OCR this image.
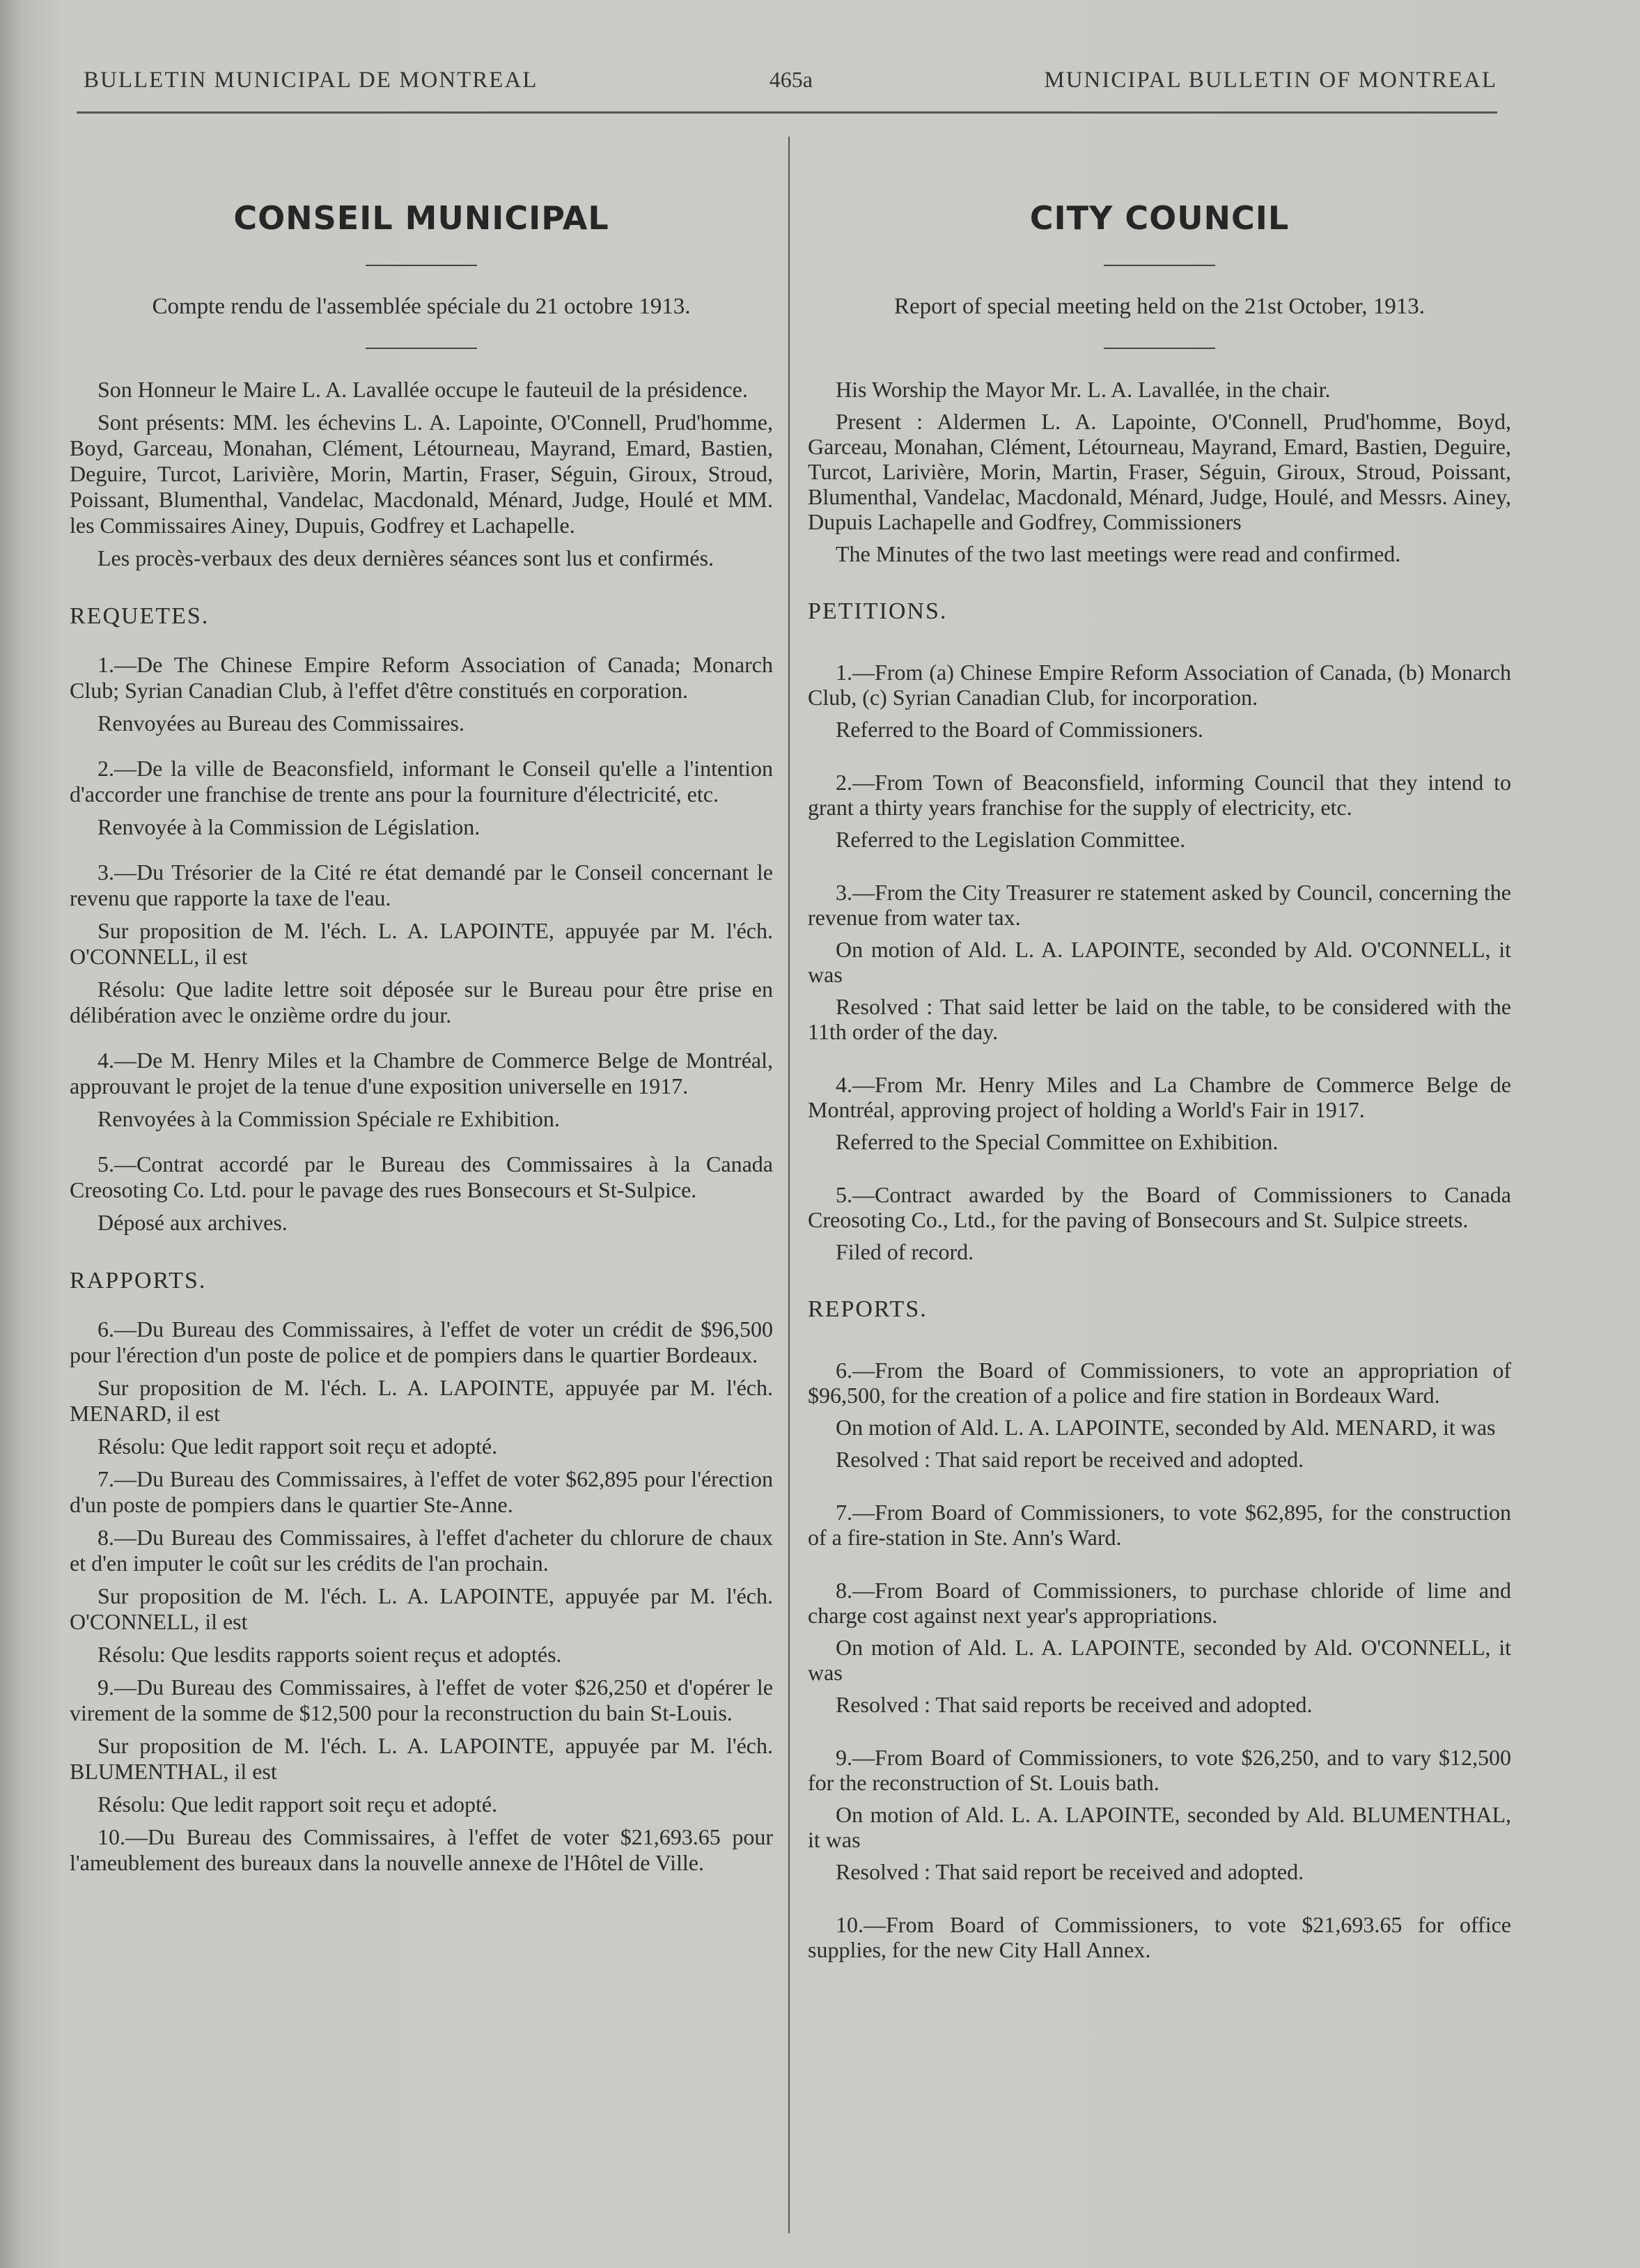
BULLETIN MUNICIPAL DE MONTREAL	465a	MUNICIPAL BULLETIN OF MONTREAL
CONSEIL MUNICIPAL
Compte rendu de l'assemblée spéciale du 21 octobre 1913.

Son Honneur le Maire L. A. Lavallée occupe le fauteuil de la présidence.

Sont présents: MM. les échevins L. A. Lapointe, O'Connell, Prud'homme, Boyd, Garceau, Monahan, Clément, Létourneau, Mayrand, Emard, Bastien, Deguire, Turcot, Larivière, Morin, Martin, Fraser, Séguin, Giroux, Stroud, Poissant, Blumenthal, Vandelac, Macdonald, Ménard, Judge, Houlé et MM. les Commissaires Ainey, Dupuis, Godfrey et Lachapelle.

Les procès-verbaux des deux dernières séances sont lus et confirmés.

REQUETES.

1.—De The Chinese Empire Reform Association of Canada; Monarch Club; Syrian Canadian Club, à l'effet d'être constitués en corporation.

Renvoyées au Bureau des Commissaires.

2.—De la ville de Beaconsfield, informant le Conseil qu'elle a l'intention d'accorder une franchise de trente ans pour la fourniture d'électricité, etc.

Renvoyée à la Commission de Législation.

3.—Du Trésorier de la Cité re état demandé par le Conseil concernant le revenu que rapporte la taxe de l'eau.

Sur proposition de M. l'éch. L. A. LAPOINTE, appuyée par M. l'éch. O'CONNELL, il est

Résolu: Que ladite lettre soit déposée sur le Bureau pour être prise en délibération avec le onzième ordre du jour.

4.—De M. Henry Miles et la Chambre de Commerce Belge de Montréal, approuvant le projet de la tenue d'une exposition universelle en 1917.

Renvoyées à la Commission Spéciale re Exhibition.

5.—Contrat accordé par le Bureau des Commissaires à la Canada Creosoting Co. Ltd. pour le pavage des rues Bonsecours et St-Sulpice.

Déposé aux archives.

RAPPORTS.

6.—Du Bureau des Commissaires, à l'effet de voter un crédit de $96,500 pour l'érection d'un poste de police et de pompiers dans le quartier Bordeaux.

Sur proposition de M. l'éch. L. A. LAPOINTE, appuyée par M. l'éch. MENARD, il est

Résolu: Que ledit rapport soit reçu et adopté.

7.—Du Bureau des Commissaires, à l'effet de voter $62,895 pour l'érection d'un poste de pompiers dans le quartier Ste-Anne.

8.—Du Bureau des Commissaires, à l'effet d'acheter du chlorure de chaux et d'en imputer le coût sur les crédits de l'an prochain.

Sur proposition de M. l'éch. L. A. LAPOINTE, appuyée par M. l'éch. O'CONNELL, il est

Résolu: Que lesdits rapports soient reçus et adoptés.

9.—Du Bureau des Commissaires, à l'effet de voter $26,250 et d'opérer le virement de la somme de $12,500 pour la reconstruction du bain St-Louis.

Sur proposition de M. l'éch. L. A. LAPOINTE, appuyée par M. l'éch. BLUMENTHAL, il est

Résolu: Que ledit rapport soit reçu et adopté.

10.—Du Bureau des Commissaires, à l'effet de voter $21,693.65 pour l'ameublement des bureaux dans la nouvelle annexe de l'Hôtel de Ville.

CITY COUNCIL
Report of special meeting held on the 21st October, 1913.

His Worship the Mayor Mr. L. A. Lavallée, in the chair.

Present : Aldermen L. A. Lapointe, O'Connell, Prud'homme, Boyd, Garceau, Monahan, Clément, Létourneau, Mayrand, Emard, Bastien, Deguire, Turcot, Larivière, Morin, Martin, Fraser, Séguin, Giroux, Stroud, Poissant, Blumenthal, Vandelac, Macdonald, Ménard, Judge, Houlé, and Messrs. Ainey, Dupuis Lachapelle and Godfrey, Commissioners

The Minutes of the two last meetings were read and confirmed.

PETITIONS.

1.—From (a) Chinese Empire Reform Association of Canada, (b) Monarch Club, (c) Syrian Canadian Club, for incorporation.

Referred to the Board of Commissioners.

2.—From Town of Beaconsfield, informing Council that they intend to grant a thirty years franchise for the supply of electricity, etc.

Referred to the Legislation Committee.

3.—From the City Treasurer re statement asked by Council, concerning the revenue from water tax.

On motion of Ald. L. A. LAPOINTE, seconded by Ald. O'CONNELL, it was

Resolved : That said letter be laid on the table, to be considered with the 11th order of the day.

4.—From Mr. Henry Miles and La Chambre de Commerce Belge de Montréal, approving project of holding a World's Fair in 1917.

Referred to the Special Committee on Exhibition.

5.—Contract awarded by the Board of Commissioners to Canada Creosoting Co., Ltd., for the paving of Bonsecours and St. Sulpice streets.

Filed of record.

REPORTS.

6.—From the Board of Commissioners, to vote an appropriation of $96,500, for the creation of a police and fire station in Bordeaux Ward.

On motion of Ald. L. A. LAPOINTE, seconded by Ald. MENARD, it was

Resolved : That said report be received and adopted.

7.—From Board of Commissioners, to vote $62,895, for the construction of a fire-station in Ste. Ann's Ward.

8.—From Board of Commissioners, to purchase chloride of lime and charge cost against next year's appropriations.

On motion of Ald. L. A. LAPOINTE, seconded by Ald. O'CONNELL, it was

Resolved : That said reports be received and adopted.

9.—From Board of Commissioners, to vote $26,250, and to vary $12,500 for the reconstruction of St. Louis bath.

On motion of Ald. L. A. LAPOINTE, seconded by Ald. BLUMENTHAL, it was

Resolved : That said report be received and adopted.

10.—From Board of Commissioners, to vote $21,693.65 for office supplies, for the new City Hall Annex.
